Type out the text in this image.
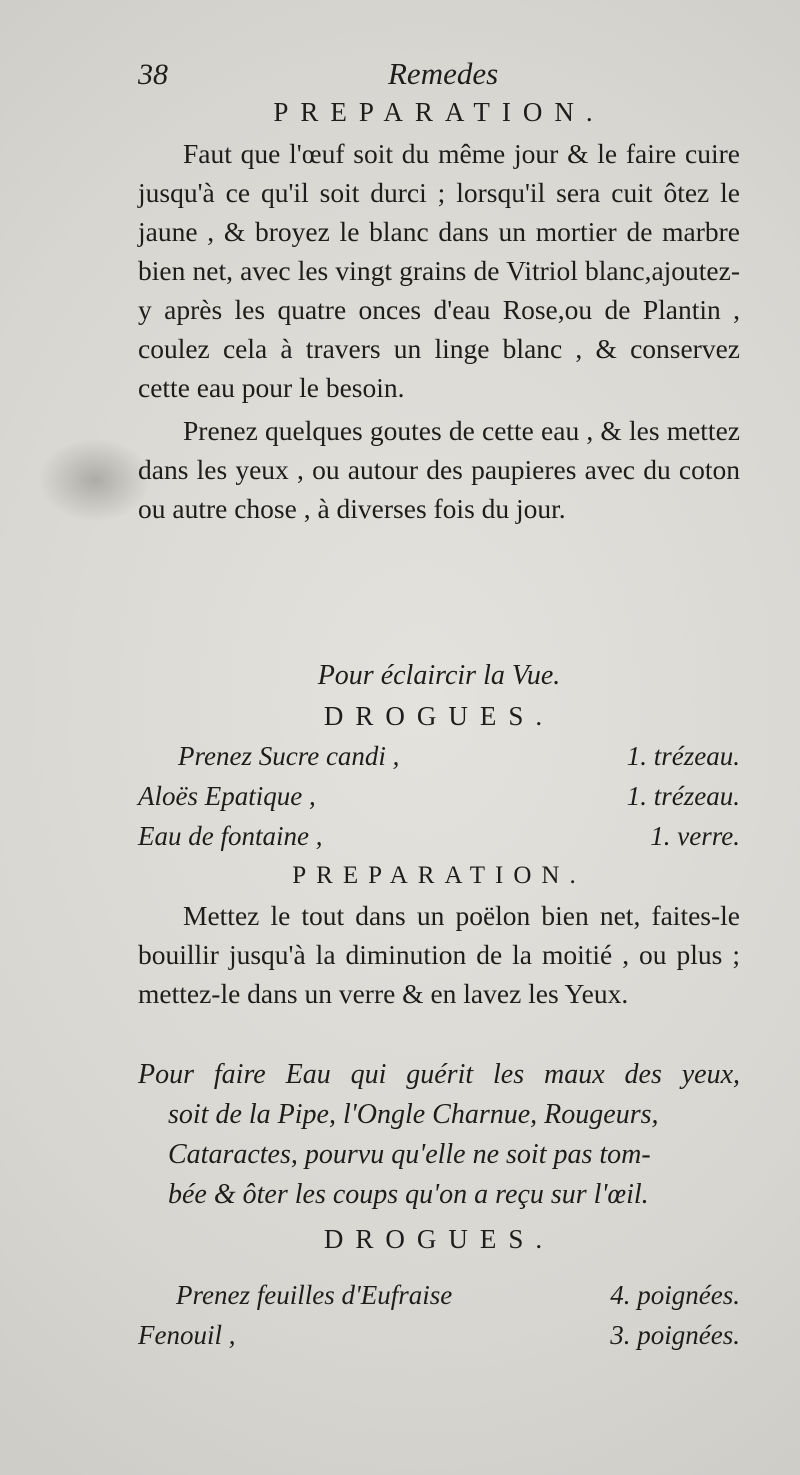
38	Remedes
PREPARATION.

Faut que l'œuf soit du même jour & le faire cuire jusqu'à ce qu'il soit durci ; lorsqu'il sera cuit ôtez le jaune , & broyez le blanc dans un mortier de marbre bien net, avec les vingt grains de Vitriol blanc,ajoutez-y après les quatre onces d'eau Rose,ou de Plantin , coulez cela à travers un linge blanc , & conservez cette eau pour le besoin.

Prenez quelques goutes de cette eau , & les mettez dans les yeux , ou autour des paupieres avec du coton ou autre chose , à diverses fois du jour.

Pour éclaircir la Vue.
DROGUES.
Prenez Sucre candi ,	1. trézeau.
Aloës Epatique ,	1. trézeau.
Eau de fontaine ,	1. verre.
PREPARATION.

Mettez le tout dans un poëlon bien net, faites-le bouillir jusqu'à la diminution de la moitié , ou plus ; mettez-le dans un verre & en lavez les Yeux.

Pour faire Eau qui guérit les maux des yeux,
soit de la Pipe, l'Ongle Charnue, Rougeurs,
Cataractes, pourvu qu'elle ne soit pas tom-
bée & ôter les coups qu'on a reçu sur l'œil.

DROGUES.
Prenez feuilles d'Eufraise	4. poignées.
Fenouil ,	3. poignées.
